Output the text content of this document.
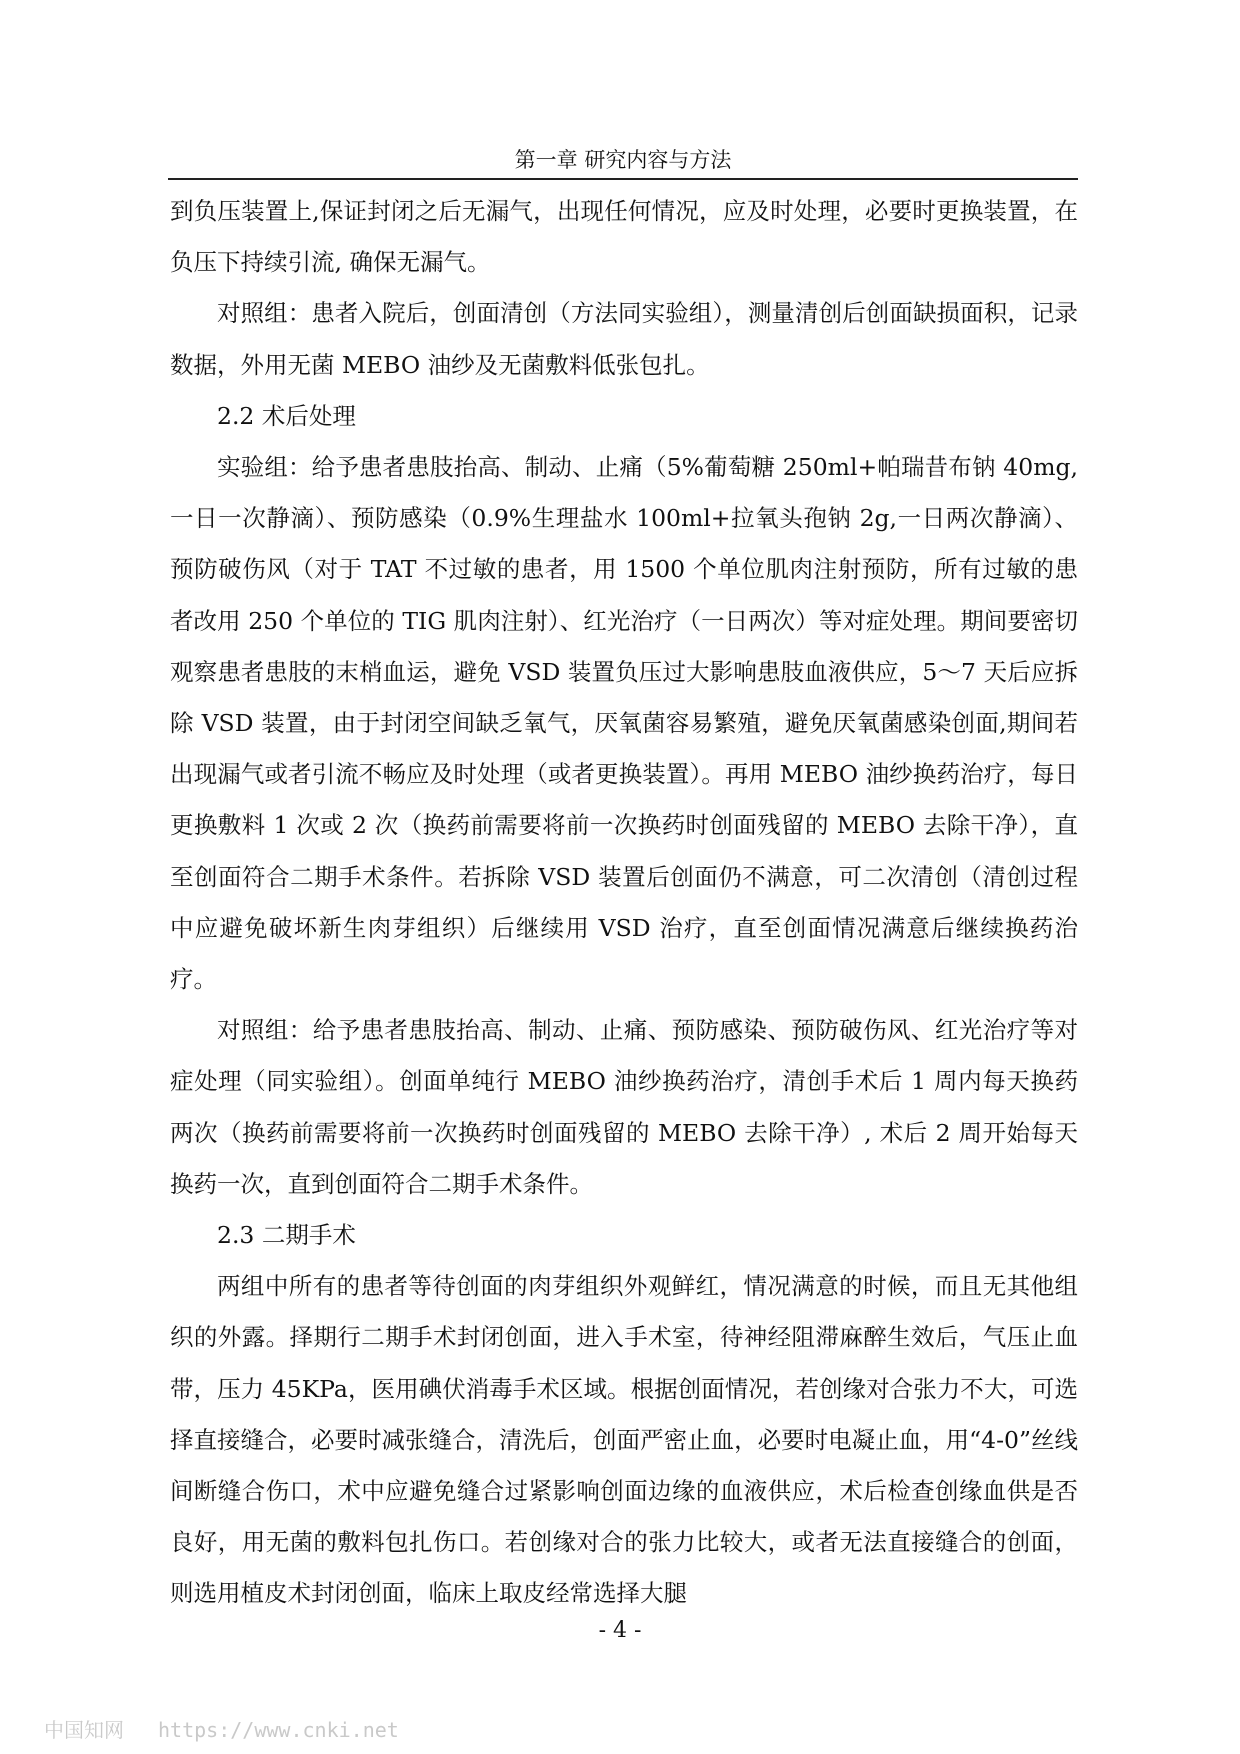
第一章 研究内容与方法

到负压装置上,保证封闭之后无漏气，出现任何情况，应及时处理，必要时更换装置，在负压下持续引流, 确保无漏气。

对照组：患者入院后，创面清创（方法同实验组），测量清创后创面缺损面积，记录数据，外用无菌 MEBO 油纱及无菌敷料低张包扎。

2.2 术后处理

实验组：给予患者患肢抬高、制动、止痛（5%葡萄糖 250ml+帕瑞昔布钠 40mg, 一日一次静滴）、预防感染（0.9%生理盐水 100ml+拉氧头孢钠 2g,一日两次静滴）、预防破伤风（对于 TAT 不过敏的患者，用 1500 个单位肌肉注射预防，所有过敏的患者改用 250 个单位的 TIG 肌肉注射）、红光治疗（一日两次）等对症处理。期间要密切观察患者患肢的末梢血运，避免 VSD 装置负压过大影响患肢血液供应，5～7 天后应拆除 VSD 装置，由于封闭空间缺乏氧气，厌氧菌容易繁殖，避免厌氧菌感染创面,期间若出现漏气或者引流不畅应及时处理（或者更换装置）。再用 MEBO 油纱换药治疗，每日更换敷料 1 次或 2 次（换药前需要将前一次换药时创面残留的 MEBO 去除干净），直至创面符合二期手术条件。若拆除 VSD 装置后创面仍不满意，可二次清创（清创过程中应避免破坏新生肉芽组织）后继续用 VSD 治疗，直至创面情况满意后继续换药治疗。

对照组：给予患者患肢抬高、制动、止痛、预防感染、预防破伤风、红光治疗等对症处理（同实验组）。创面单纯行 MEBO 油纱换药治疗，清创手术后 1 周内每天换药两次（换药前需要将前一次换药时创面残留的 MEBO 去除干净）, 术后 2 周开始每天换药一次，直到创面符合二期手术条件。

2.3 二期手术

两组中所有的患者等待创面的肉芽组织外观鲜红，情况满意的时候，而且无其他组织的外露。择期行二期手术封闭创面，进入手术室，待神经阻滞麻醉生效后，气压止血带，压力 45KPa，医用碘伏消毒手术区域。根据创面情况，若创缘对合张力不大，可选择直接缝合，必要时减张缝合，清洗后，创面严密止血，必要时电凝止血，用“4-0”丝线间断缝合伤口，术中应避免缝合过紧影响创面边缘的血液供应，术后检查创缘血供是否良好，用无菌的敷料包扎伤口。若创缘对合的张力比较大，或者无法直接缝合的创面，则选用植皮术封闭创面，临床上取皮经常选择大腿

- 4 -
中国知网 https://www.cnki.net
